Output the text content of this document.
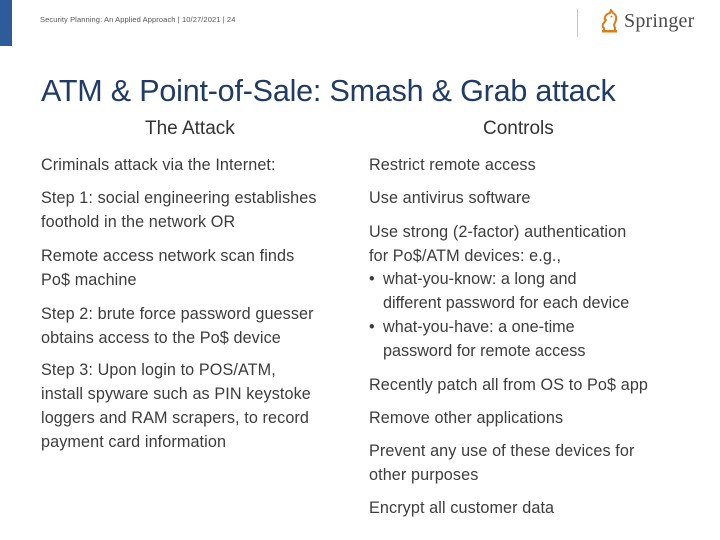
Security Planning: An Applied Approach | 10/27/2021 | 24	Springer
ATM & Point-of-Sale: Smash & Grab attack
The Attack	Controls
Criminals attack via the Internet:
Step 1: social engineering establishes
foothold in the network OR
Remote access network scan finds
Po$ machine
Step 2: brute force password guesser
obtains access to the Po$ device
Step 3: Upon login to POS/ATM,
install spyware such as PIN keystoke
loggers and RAM scrapers, to record
payment card information
Restrict remote access
Use antivirus software
Use strong (2-factor) authentication
for Po$/ATM devices: e.g.,
• what-you-know: a long and
different password for each device
• what-you-have: a one-time
password for remote access
Recently patch all from OS to Po$ app
Remove other applications
Prevent any use of these devices for
other purposes
Encrypt all customer data
